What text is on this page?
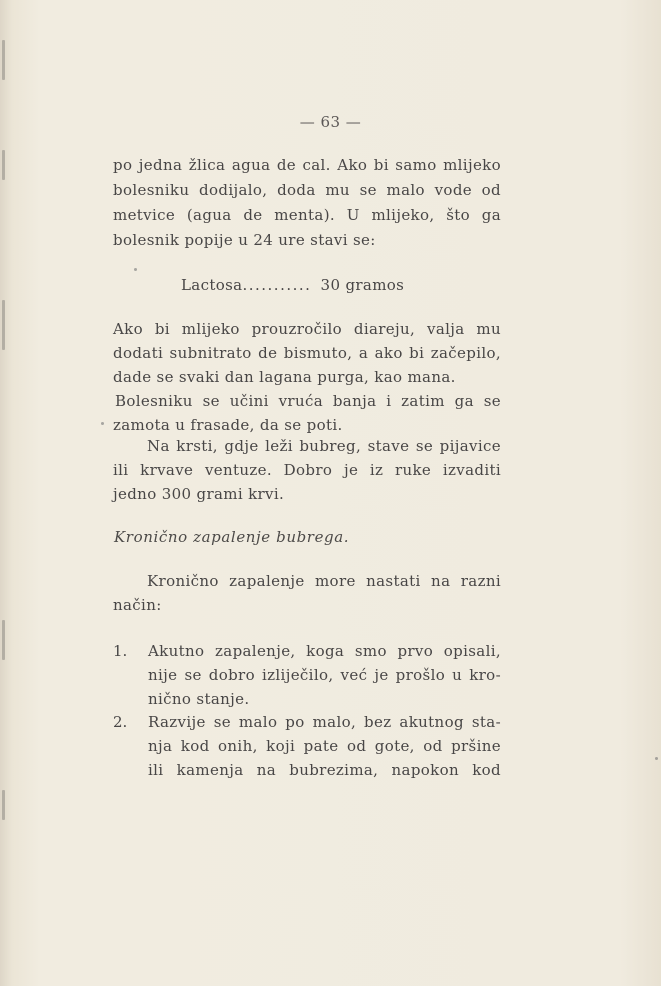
— 63 —
po jedna žlica agua de cal. Ako bi samo mlijeko
bolesniku dodijalo, doda mu se malo vode od
metvice (agua de menta). U mlijeko, što ga
bolesnik popije u 24 ure stavi se:
Lactosa........... 30 gramos
Ako bi mlijeko prouzročilo diareju, valja mu
dodati subnitrato de bismuto, a ako bi začepilo,
dade se svaki dan lagana purga, kao mana.
Bolesniku se učini vruća banja i zatim ga se
zamota u frasade, da se poti.
Na krsti, gdje leži bubreg, stave se pijavice
ili krvave ventuze. Dobro je iz ruke izvaditi
jedno 300 grami krvi.
Kronično zapalenje bubrega.
Kronično zapalenje more nastati na razni
način:
1. Akutno zapalenje, koga smo prvo opisali,
nije se dobro izliječilo, već je prošlo u kro-
nično stanje.
2. Razvije se malo po malo, bez akutnog sta-
nja kod onih, koji pate od gote, od pršine
ili kamenja na bubrezima, napokon kod
